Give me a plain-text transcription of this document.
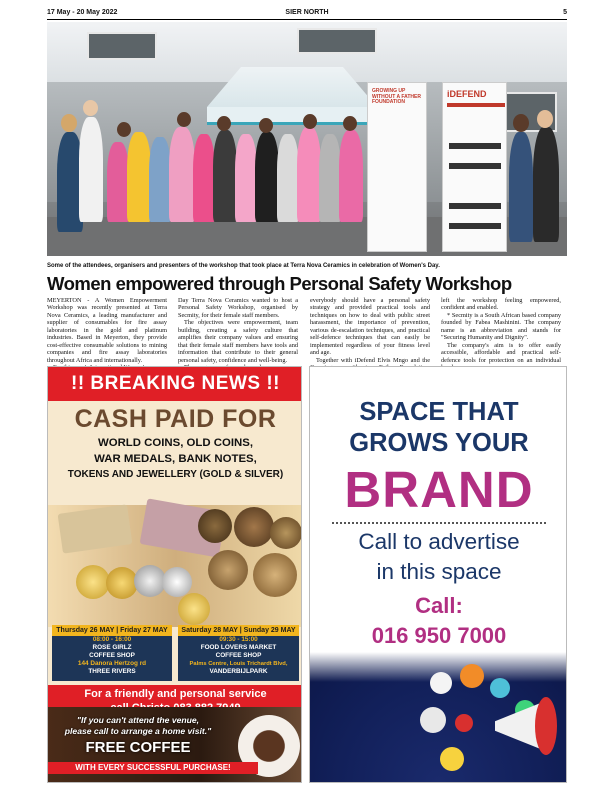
17 May - 20 May 2022	SIER NORTH	5
GROWING UP WITHOUT A FATHER FOUNDATION
iDEFEND
Some of the attendees, organisers and presenters of the workshop that took place at Terra Nova Ceramics in celebration of Women's Day.
Women empowered through Personal Safety Workshop

MEYERTON - A Women Empowerment Workshop was recently presented at Terra Nova Ceramics, a leading manufacturer and supplier of consumables for fire assay laboratories in the gold and platinum industries. Based in Meyerton, they provide cost-effective consumable solutions to mining companies and fire assay laboratories throughout Africa and internationally.

Day Terra Nova Ceramics wanted to host a Personal Safety Workshop, organised by Secmity, for their female staff members.

The objectives were empowerment, team building, creating a safety culture that amplifies their company values and ensuring that their female staff members have tools and information that contribute to their general personal safety, confidence and well-being.

everybody should have a personal safety strategy and provided practical tools and techniques on how to deal with public street harassment, the importance of prevention, various de-escalation techniques, and practical self-defence techniques that can easily be implemented regardless of your fitness level and age.

Together with iDefend Elvis Mngo and the

left the workshop feeling empowered, confident and enabled.

* Secmity is a South African based company founded by Fabea Mashinini. The company name is an abbreviation and stands for "Securing Humanity and Dignity".

The company's aim is to offer easily accessible, affordable and practical self-defence tools for protection on an individual

!! BREAKING NEWS !!
CASH PAID FOR
WORLD COINS, OLD COINS,
WAR MEDALS, BANK NOTES,
TOKENS AND JEWELLERY (GOLD & SILVER)
Thursday 26 MAY | Friday 27 MAY
08:00 - 16:00
ROSE GIRLZ
COFFEE SHOP
144 Danora Hertzog rd
THREE RIVERS
Saturday 28 MAY | Sunday 29 MAY
09:30 - 15:00
FOOD LOVERS MARKET
COFFEE SHOP
Palms Centre, Louis Trichardt Blvd,
VANDERBIJLPARK
For a friendly and personal service
"If you can't attend the venue,
please call to arrange a home visit."
FREE COFFEE
WITH EVERY SUCCESSFUL PURCHASE!
SPACE THAT
GROWS YOUR
BRAND
Call to advertise
in this space
Call:
016 950 7000
